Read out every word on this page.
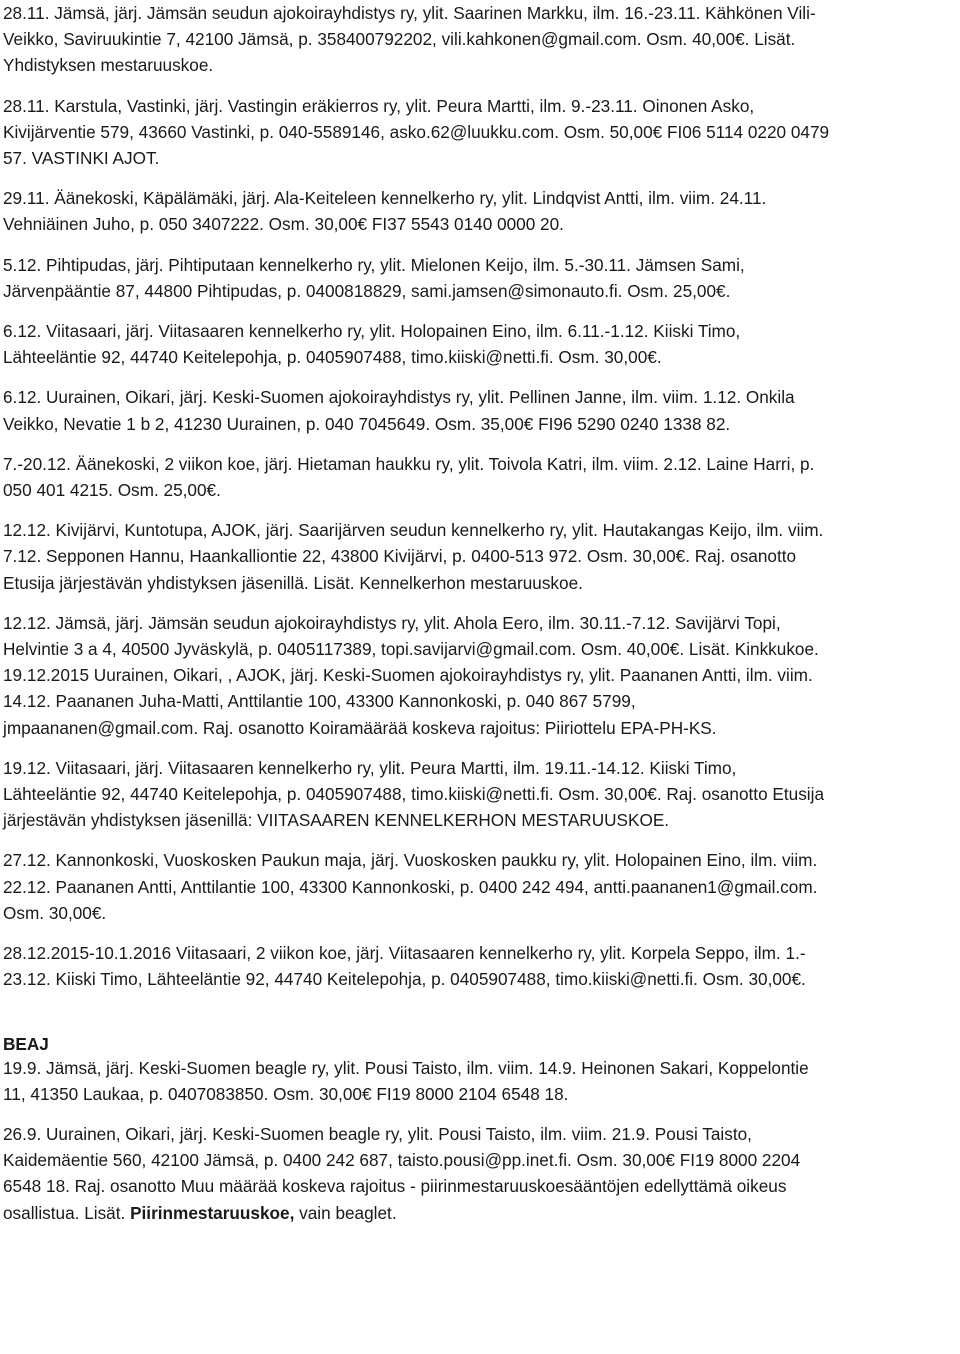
28.11. Jämsä, järj. Jämsän seudun ajokoirayhdistys ry, ylit. Saarinen Markku, ilm. 16.-23.11. Kähkönen Vili-
Veikko, Saviruukintie 7, 42100 Jämsä, p. 358400792202, vili.kahkonen@gmail.com. Osm. 40,00€. Lisät.
Yhdistyksen mestaruuskoe.
28.11. Karstula, Vastinki, järj. Vastingin eräkierros ry, ylit. Peura Martti, ilm. 9.-23.11. Oinonen Asko,
Kivijärventie 579, 43660 Vastinki, p. 040-5589146, asko.62@luukku.com. Osm. 50,00€ FI06 5114 0220 0479
57. VASTINKI AJOT.
29.11. Äänekoski, Käpälämäki, järj. Ala-Keiteleen kennelkerho ry, ylit. Lindqvist Antti, ilm. viim. 24.11.
Vehniäinen Juho, p. 050 3407222. Osm. 30,00€ FI37 5543 0140 0000 20.
5.12. Pihtipudas, järj. Pihtiputaan kennelkerho ry, ylit. Mielonen Keijo, ilm. 5.-30.11. Jämsen Sami,
Järvenpääntie 87, 44800 Pihtipudas, p. 0400818829, sami.jamsen@simonauto.fi. Osm. 25,00€.
6.12. Viitasaari, järj. Viitasaaren kennelkerho ry, ylit. Holopainen Eino, ilm. 6.11.-1.12. Kiiski Timo,
Lähteeläntie 92, 44740 Keitelepohja, p. 0405907488, timo.kiiski@netti.fi. Osm. 30,00€.
6.12. Uurainen, Oikari, järj. Keski-Suomen ajokoirayhdistys ry, ylit. Pellinen Janne, ilm. viim. 1.12. Onkila
Veikko, Nevatie 1 b 2, 41230 Uurainen, p. 040 7045649. Osm. 35,00€ FI96 5290 0240 1338 82.
7.-20.12. Äänekoski, 2 viikon koe, järj. Hietaman haukku ry, ylit. Toivola Katri, ilm. viim. 2.12. Laine Harri, p.
050 401 4215. Osm. 25,00€.
12.12. Kivijärvi, Kuntotupa, AJOK, järj. Saarijärven seudun kennelkerho ry, ylit. Hautakangas Keijo, ilm. viim.
7.12. Sepponen Hannu, Haankalliontie 22, 43800 Kivijärvi, p. 0400-513 972. Osm. 30,00€. Raj. osanotto
Etusija järjestävän yhdistyksen jäsenillä. Lisät. Kennelkerhon mestaruuskoe.
12.12. Jämsä, järj. Jämsän seudun ajokoirayhdistys ry, ylit. Ahola Eero, ilm. 30.11.-7.12. Savijärvi Topi,
Helvintie 3 a 4, 40500 Jyväskylä, p. 0405117389, topi.savijarvi@gmail.com. Osm. 40,00€. Lisät. Kinkkukoe.
19.12.2015 Uurainen, Oikari, , AJOK, järj. Keski-Suomen ajokoirayhdistys ry, ylit. Paananen Antti, ilm. viim.
14.12. Paananen Juha-Matti, Anttilantie 100, 43300 Kannonkoski, p. 040 867 5799,
jmpaananen@gmail.com. Raj. osanotto Koiramäärää koskeva rajoitus: Piiriottelu EPA-PH-KS.
19.12. Viitasaari, järj. Viitasaaren kennelkerho ry, ylit. Peura Martti, ilm. 19.11.-14.12. Kiiski Timo,
Lähteeläntie 92, 44740 Keitelepohja, p. 0405907488, timo.kiiski@netti.fi. Osm. 30,00€. Raj. osanotto Etusija
järjestävän yhdistyksen jäsenillä: VIITASAAREN KENNELKERHON MESTARUUSKOE.
27.12. Kannonkoski, Vuoskosken Paukun maja, järj. Vuoskosken paukku ry, ylit. Holopainen Eino, ilm. viim.
22.12. Paananen Antti, Anttilantie 100, 43300 Kannonkoski, p. 0400 242 494, antti.paananen1@gmail.com.
Osm. 30,00€.
28.12.2015-10.1.2016 Viitasaari, 2 viikon koe, järj. Viitasaaren kennelkerho ry, ylit. Korpela Seppo, ilm. 1.-
23.12. Kiiski Timo, Lähteeläntie 92, 44740 Keitelepohja, p. 0405907488, timo.kiiski@netti.fi. Osm. 30,00€.
BEAJ
19.9. Jämsä, järj. Keski-Suomen beagle ry, ylit. Pousi Taisto, ilm. viim. 14.9. Heinonen Sakari, Koppelontie
11, 41350 Laukaa, p. 0407083850. Osm. 30,00€ FI19 8000 2104 6548 18.
26.9. Uurainen, Oikari, järj. Keski-Suomen beagle ry, ylit. Pousi Taisto, ilm. viim. 21.9. Pousi Taisto,
Kaidemäentie 560, 42100 Jämsä, p. 0400 242 687, taisto.pousi@pp.inet.fi. Osm. 30,00€ FI19 8000 2204
6548 18. Raj. osanotto Muu määrää koskeva rajoitus - piirinmestaruuskoesääntöjen edellyttämä oikeus
osallistua. Lisät. Piirinmestaruuskoe, vain beaglet.
